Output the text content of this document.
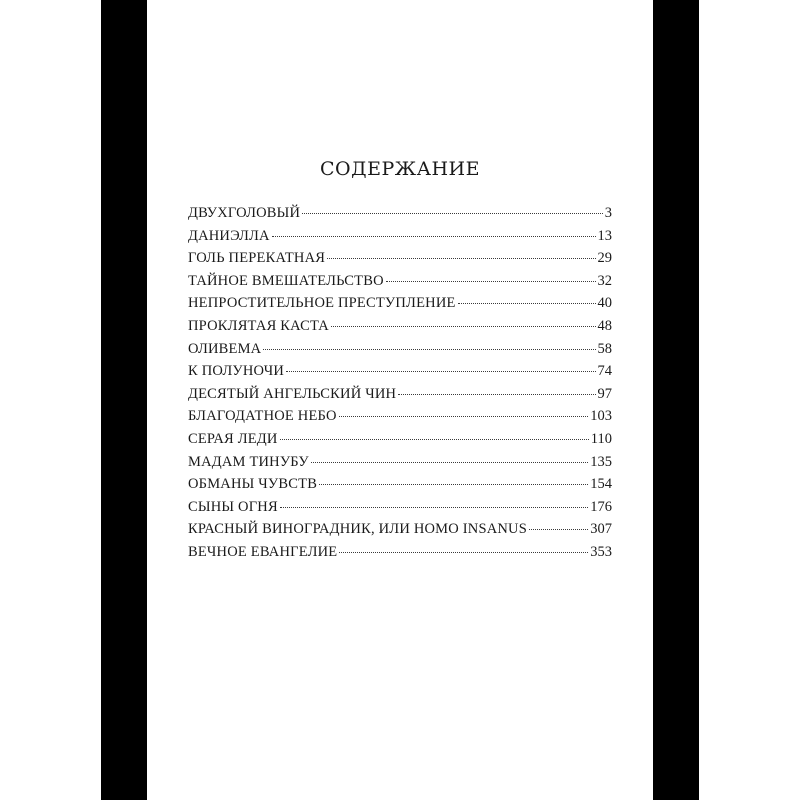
СОДЕРЖАНИЕ
ДВУХГОЛОВЫЙ	3
ДАНИЭЛЛА	13
ГОЛЬ ПЕРЕКАТНАЯ	29
ТАЙНОЕ ВМЕШАТЕЛЬСТВО	32
НЕПРОСТИТЕЛЬНОЕ ПРЕСТУПЛЕНИЕ	40
ПРОКЛЯТАЯ КАСТА	48
ОЛИВЕМА	58
К ПОЛУНОЧИ	74
ДЕСЯТЫЙ АНГЕЛЬСКИЙ ЧИН	97
БЛАГОДАТНОЕ НЕБО	103
СЕРАЯ ЛЕДИ	110
МАДАМ ТИНУБУ	135
ОБМАНЫ ЧУВСТВ	154
СЫНЫ ОГНЯ	176
КРАСНЫЙ ВИНОГРАДНИК, ИЛИ HOMO INSANUS	307
ВЕЧНОЕ ЕВАНГЕЛИЕ	353
